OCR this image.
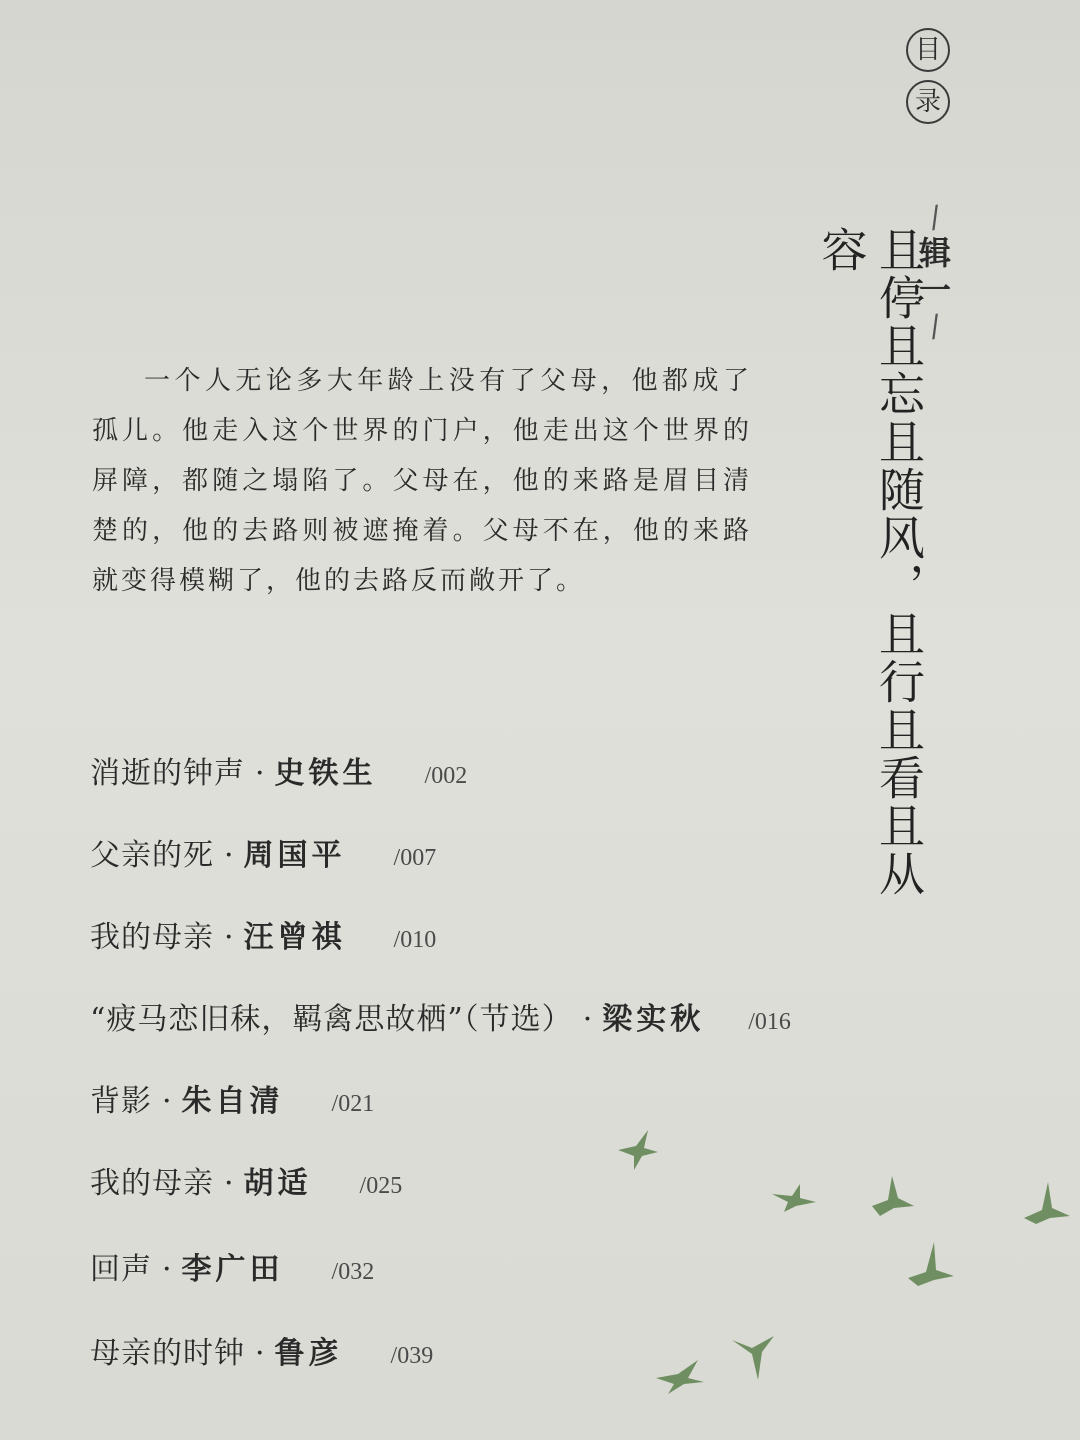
目
录
/
辑
一
/
且停且忘且随风，且行且看且从容

一个人无论多大年龄上没有了父母，他都成了孤儿。他走入这个世界的门户，他走出这个世界的屏障，都随之塌陷了。父母在，他的来路是眉目清楚的，他的去路则被遮掩着。父母不在，他的来路就变得模糊了，他的去路反而敞开了。

消逝的钟声 · 史铁生 /002
父亲的死 · 周国平 /007
我的母亲 · 汪曾祺 /010
“疲马恋旧秣，羁禽思故栖”（节选） · 梁实秋 /016
背影 · 朱自清 /021
我的母亲 · 胡适 /025
回声 · 李广田 /032
母亲的时钟 · 鲁彦 /039
